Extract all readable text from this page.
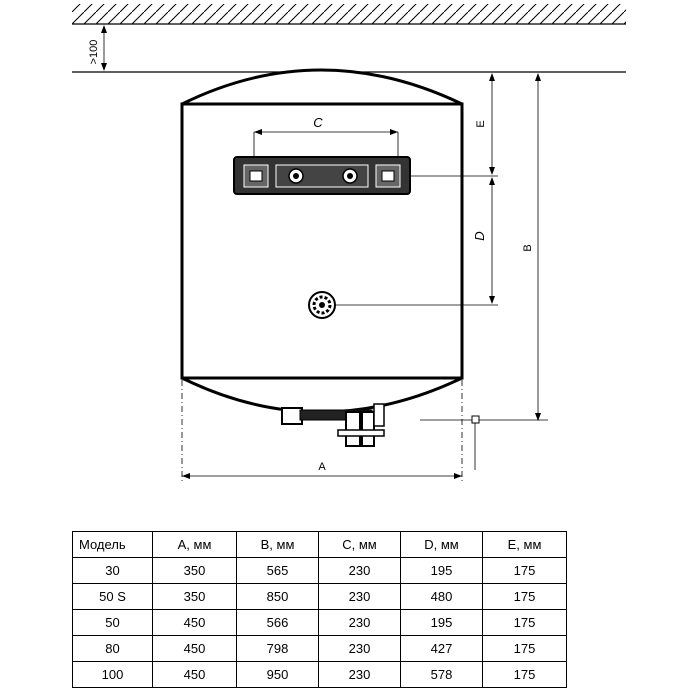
>100
C	E
D
B
A
Модель	A, мм	B, мм	C, мм	D, мм	E, мм
30	350	565	230	195	175
50 S	350	850	230	480	175
50	450	566	230	195	175
80	450	798	230	427	175
100	450	950	230	578	175
